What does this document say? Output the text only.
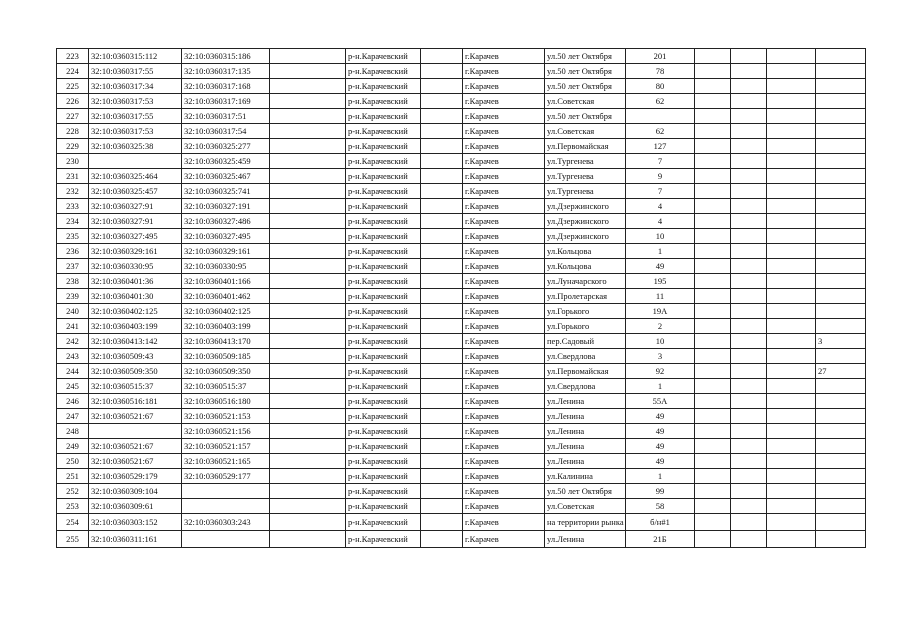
223	32:10:0360315:112	32:10:0360315:186		р-н.Карачевский		г.Карачев	ул.50 лет Октября	201				
224	32:10:0360317:55	32:10:0360317:135		р-н.Карачевский		г.Карачев	ул.50 лет Октября	78				
225	32:10:0360317:34	32:10:0360317:168		р-н.Карачевский		г.Карачев	ул.50 лет Октября	80				
226	32:10:0360317:53	32:10:0360317:169		р-н.Карачевский		г.Карачев	ул.Советская	62				
227	32:10:0360317:55	32:10:0360317:51		р-н.Карачевский		г.Карачев	ул.50 лет Октября					
228	32:10:0360317:53	32:10:0360317:54		р-н.Карачевский		г.Карачев	ул.Советская	62				
229	32:10:0360325:38	32:10:0360325:277		р-н.Карачевский		г.Карачев	ул.Первомайская	127				
230		32:10:0360325:459		р-н.Карачевский		г.Карачев	ул.Тургенева	7				
231	32:10:0360325:464	32:10:0360325:467		р-н.Карачевский		г.Карачев	ул.Тургенева	9				
232	32:10:0360325:457	32:10:0360325:741		р-н.Карачевский		г.Карачев	ул.Тургенева	7				
233	32:10:0360327:91	32:10:0360327:191		р-н.Карачевский		г.Карачев	ул.Дзержинского	4				
234	32:10:0360327:91	32:10:0360327:486		р-н.Карачевский		г.Карачев	ул.Дзержинского	4				
235	32:10:0360327:495	32:10:0360327:495		р-н.Карачевский		г.Карачев	ул.Дзержинского	10				
236	32:10:0360329:161	32:10:0360329:161		р-н.Карачевский		г.Карачев	ул.Кольцова	1				
237	32:10:0360330:95	32:10:0360330:95		р-н.Карачевский		г.Карачев	ул.Кольцова	49				
238	32:10:0360401:36	32:10:0360401:166		р-н.Карачевский		г.Карачев	ул.Луначарского	195				
239	32:10:0360401:30	32:10:0360401:462		р-н.Карачевский		г.Карачев	ул.Пролетарская	11				
240	32:10:0360402:125	32:10:0360402:125		р-н.Карачевский		г.Карачев	ул.Горького	19А				
241	32:10:0360403:199	32:10:0360403:199		р-н.Карачевский		г.Карачев	ул.Горького	2				
242	32:10:0360413:142	32:10:0360413:170		р-н.Карачевский		г.Карачев	пер.Садовый	10				3
243	32:10:0360509:43	32:10:0360509:185		р-н.Карачевский		г.Карачев	ул.Свердлова	3				
244	32:10:0360509:350	32:10:0360509:350		р-н.Карачевский		г.Карачев	ул.Первомайская	92				27
245	32:10:0360515:37	32:10:0360515:37		р-н.Карачевский		г.Карачев	ул.Свердлова	1				
246	32:10:0360516:181	32:10:0360516:180		р-н.Карачевский		г.Карачев	ул.Ленина	55А				
247	32:10:0360521:67	32:10:0360521:153		р-н.Карачевский		г.Карачев	ул.Ленина	49				
248		32:10:0360521:156		р-н.Карачевский		г.Карачев	ул.Ленина	49				
249	32:10:0360521:67	32:10:0360521:157		р-н.Карачевский		г.Карачев	ул.Ленина	49				
250	32:10:0360521:67	32:10:0360521:165		р-н.Карачевский		г.Карачев	ул.Ленина	49				
251	32:10:0360529:179	32:10:0360529:177		р-н.Карачевский		г.Карачев	ул.Калинина	1				
252	32:10:0360309:104			р-н.Карачевский		г.Карачев	ул.50 лет Октября	99				
253	32:10:0360309:61			р-н.Карачевский		г.Карачев	ул.Советская	58				
254	32:10:0360303:152	32:10:0360303:243		р-н.Карачевский		г.Карачев	на территории рынка	б/н#1				
255	32:10:0360311:161			р-н.Карачевский		г.Карачев	ул.Ленина	21Б				
